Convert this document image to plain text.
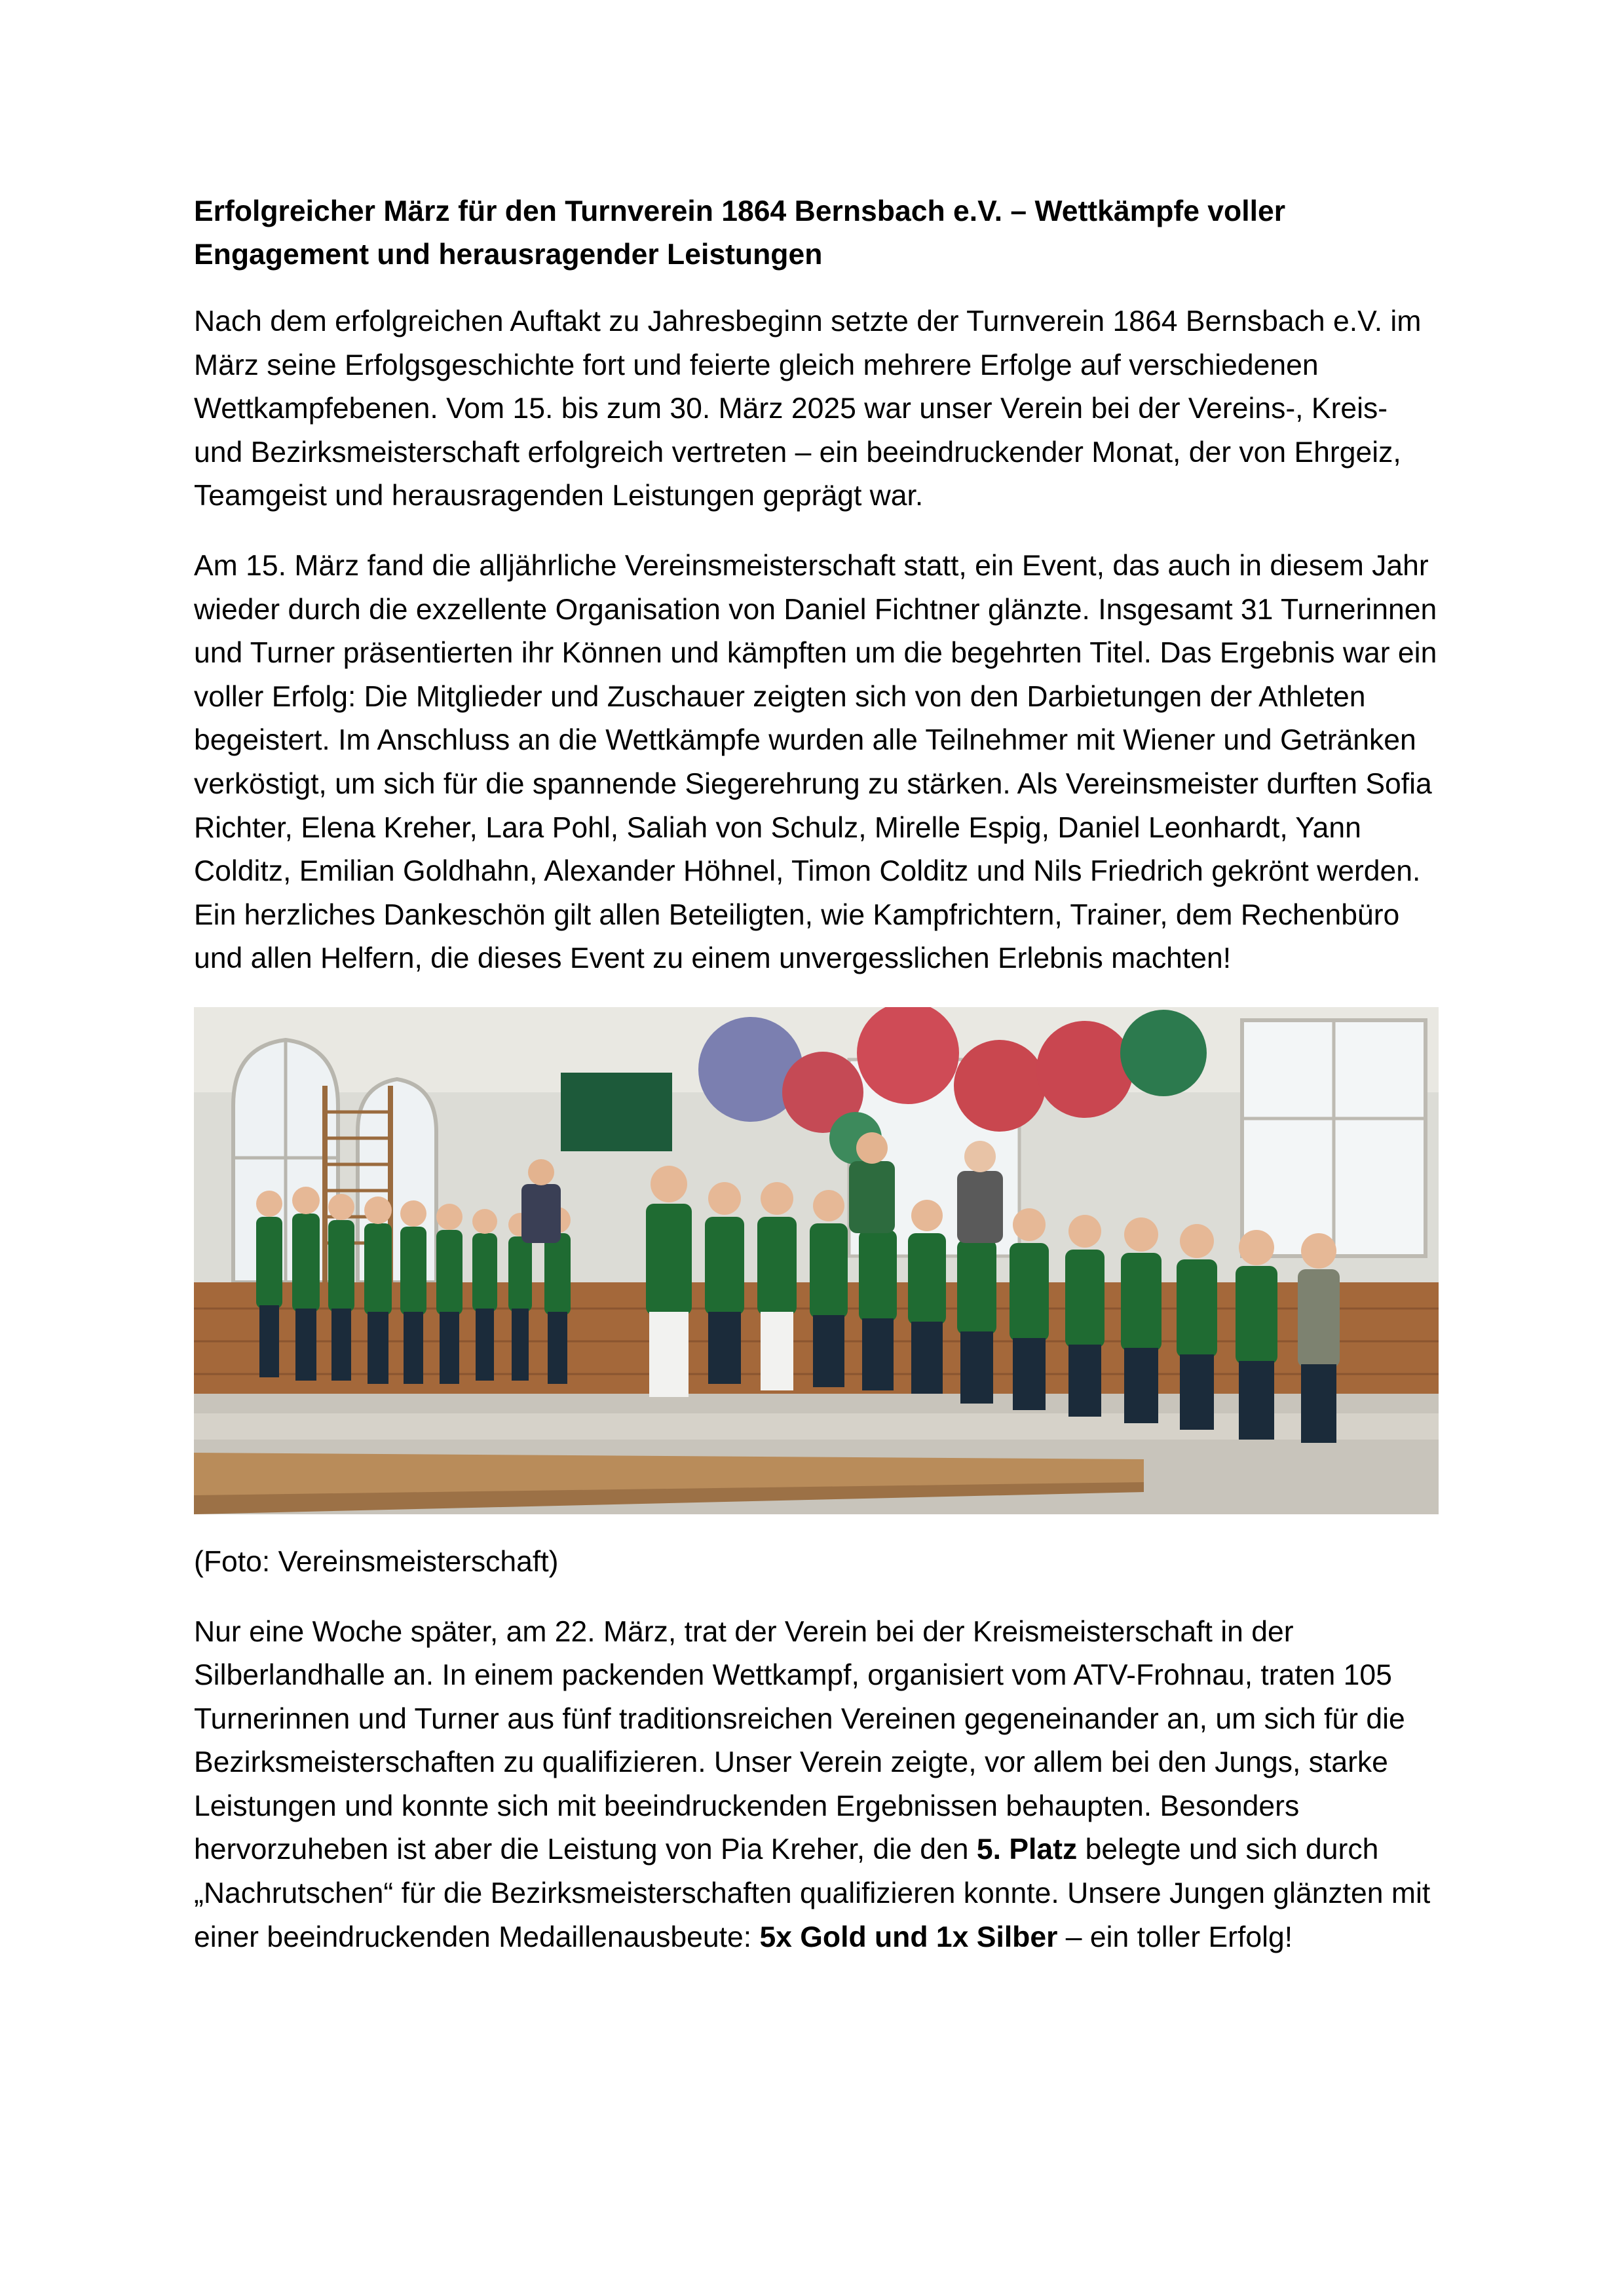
Erfolgreicher März für den Turnverein 1864 Bernsbach e.V. – Wettkämpfe voller Engagement und herausragender Leistungen

Nach dem erfolgreichen Auftakt zu Jahresbeginn setzte der Turnverein 1864 Bernsbach e.V. im März seine Erfolgsgeschichte fort und feierte gleich mehrere Erfolge auf verschiedenen Wettkampfebenen. Vom 15. bis zum 30. März 2025 war unser Verein bei der Vereins-, Kreis- und Bezirksmeisterschaft erfolgreich vertreten – ein beeindruckender Monat, der von Ehrgeiz, Teamgeist und herausragenden Leistungen geprägt war.

Am 15. März fand die alljährliche Vereinsmeisterschaft statt, ein Event, das auch in diesem Jahr wieder durch die exzellente Organisation von Daniel Fichtner glänzte. Insgesamt 31 Turnerinnen und Turner präsentierten ihr Können und kämpften um die begehrten Titel. Das Ergebnis war ein voller Erfolg: Die Mitglieder und Zuschauer zeigten sich von den Darbietungen der Athleten begeistert. Im Anschluss an die Wettkämpfe wurden alle Teilnehmer mit Wiener und Getränken verköstigt, um sich für die spannende Siegerehrung zu stärken. Als Vereinsmeister durften Sofia Richter, Elena Kreher, Lara Pohl, Saliah von Schulz, Mirelle Espig, Daniel Leonhardt, Yann Colditz, Emilian Goldhahn, Alexander Höhnel, Timon Colditz und Nils Friedrich gekrönt werden. Ein herzliches Dankeschön gilt allen Beteiligten, wie Kampfrichtern, Trainer, dem Rechenbüro und allen Helfern, die dieses Event zu einem unvergesslichen Erlebnis machten!

(Foto: Vereinsmeisterschaft)

Nur eine Woche später, am 22. März, trat der Verein bei der Kreismeisterschaft in der Silberlandhalle an. In einem packenden Wettkampf, organisiert vom ATV-Frohnau, traten 105 Turnerinnen und Turner aus fünf traditionsreichen Vereinen gegeneinander an, um sich für die Bezirksmeisterschaften zu qualifizieren. Unser Verein zeigte, vor allem bei den Jungs, starke Leistungen und konnte sich mit beeindruckenden Ergebnissen behaupten. Besonders hervorzuheben ist aber die Leistung von Pia Kreher, die den 5. Platz belegte und sich durch „Nachrutschen“ für die Bezirksmeisterschaften qualifizieren konnte. Unsere Jungen glänzten mit einer beeindruckenden Medaillenausbeute: 5x Gold und 1x Silber – ein toller Erfolg!
